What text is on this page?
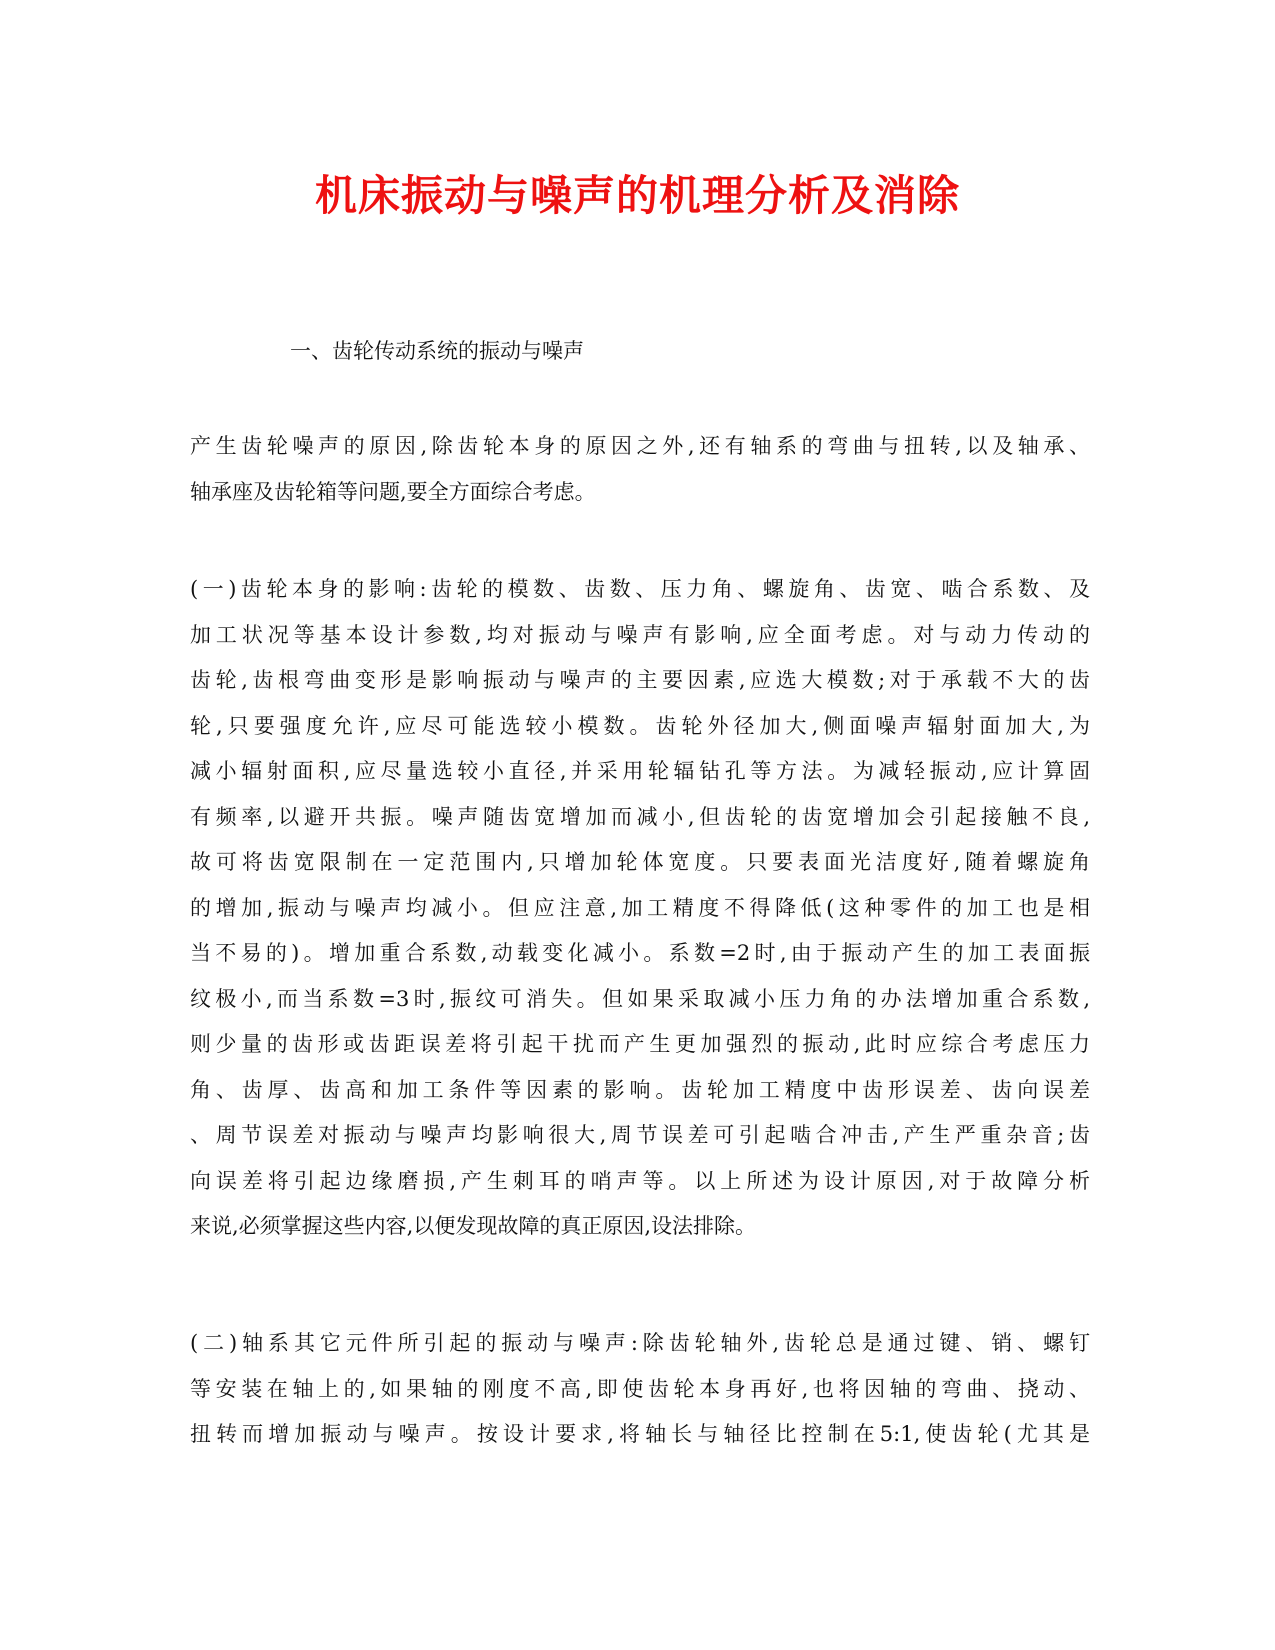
机床振动与噪声的机理分析及消除

一、齿轮传动系统的振动与噪声

产生齿轮噪声的原因,除齿轮本身的原因之外,还有轴系的弯曲与扭转,以及轴承、
轴承座及齿轮箱等问题,要全方面综合考虑。
(一)齿轮本身的影响:齿轮的模数、齿数、压力角、螺旋角、齿宽、啮合系数、及
加工状况等基本设计参数,均对振动与噪声有影响,应全面考虑。对与动力传动的
齿轮,齿根弯曲变形是影响振动与噪声的主要因素,应选大模数;对于承载不大的齿
轮,只要强度允许,应尽可能选较小模数。齿轮外径加大,侧面噪声辐射面加大,为
减小辐射面积,应尽量选较小直径,并采用轮辐钻孔等方法。为减轻振动,应计算固
有频率,以避开共振。噪声随齿宽增加而减小,但齿轮的齿宽增加会引起接触不良,
故可将齿宽限制在一定范围内,只增加轮体宽度。只要表面光洁度好,随着螺旋角
的增加,振动与噪声均减小。但应注意,加工精度不得降低(这种零件的加工也是相
当不易的)。增加重合系数,动载变化减小。系数=2时,由于振动产生的加工表面振
纹极小,而当系数=3时,振纹可消失。但如果采取减小压力角的办法增加重合系数,
则少量的齿形或齿距误差将引起干扰而产生更加强烈的振动,此时应综合考虑压力
角、齿厚、齿高和加工条件等因素的影响。齿轮加工精度中齿形误差、齿向误差
、周节误差对振动与噪声均影响很大,周节误差可引起啮合冲击,产生严重杂音;齿
向误差将引起边缘磨损,产生刺耳的哨声等。以上所述为设计原因,对于故障分析
来说,必须掌握这些内容,以便发现故障的真正原因,设法排除。
(二)轴系其它元件所引起的振动与噪声:除齿轮轴外,齿轮总是通过键、销、螺钉
等安装在轴上的,如果轴的刚度不高,即使齿轮本身再好,也将因轴的弯曲、挠动、
扭转而增加振动与噪声。按设计要求,将轴长与轴径比控制在5:1,使齿轮(尤其是
